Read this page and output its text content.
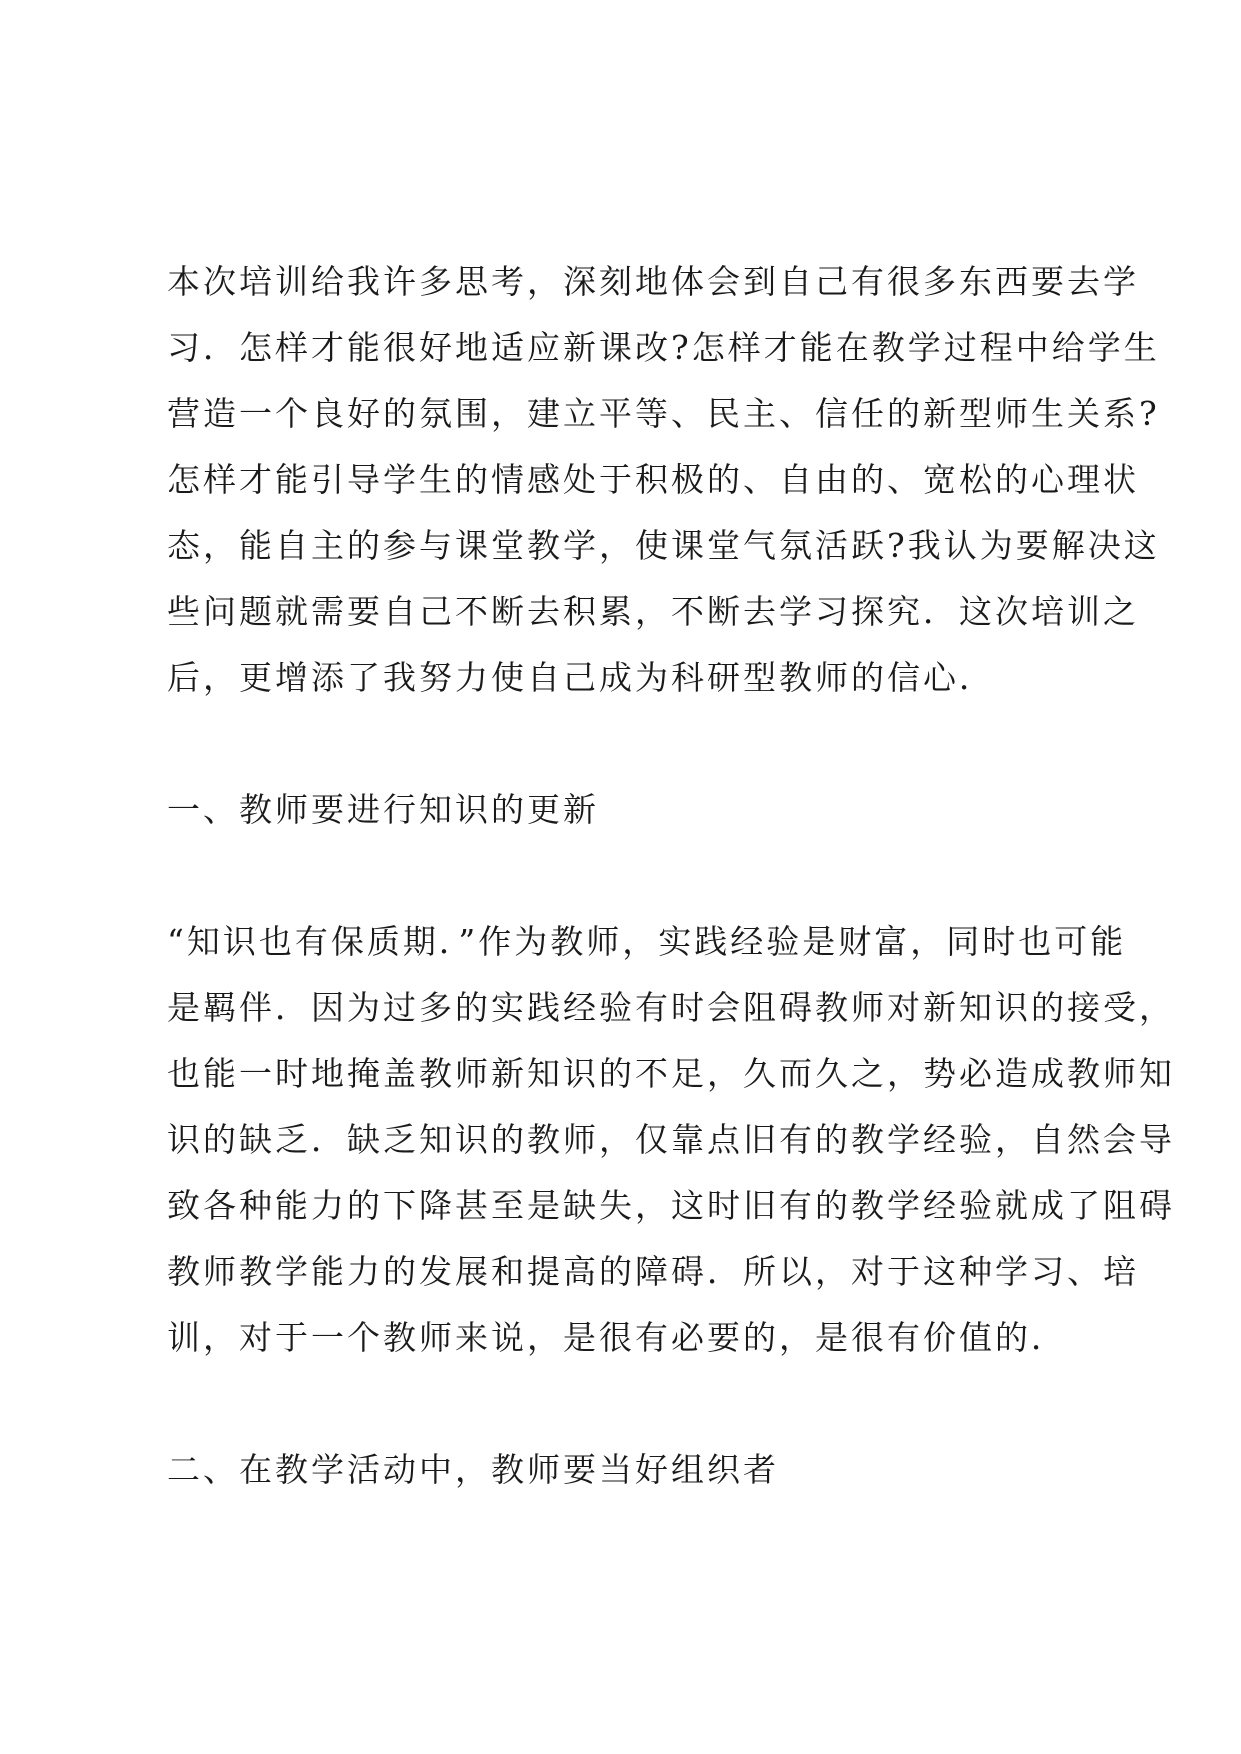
本次培训给我许多思考，深刻地体会到自己有很多东西要去学
习．怎样才能很好地适应新课改?怎样才能在教学过程中给学生
营造一个良好的氛围，建立平等、民主、信任的新型师生关系?
怎样才能引导学生的情感处于积极的、自由的、宽松的心理状
态，能自主的参与课堂教学，使课堂气氛活跃?我认为要解决这
些问题就需要自己不断去积累，不断去学习探究．这次培训之
后，更增添了我努力使自己成为科研型教师的信心．
一、教师要进行知识的更新
“知识也有保质期．”作为教师，实践经验是财富，同时也可能
是羁伴．因为过多的实践经验有时会阻碍教师对新知识的接受，
也能一时地掩盖教师新知识的不足，久而久之，势必造成教师知
识的缺乏．缺乏知识的教师，仅靠点旧有的教学经验，自然会导
致各种能力的下降甚至是缺失，这时旧有的教学经验就成了阻碍
教师教学能力的发展和提高的障碍．所以，对于这种学习、培
训，对于一个教师来说，是很有必要的，是很有价值的．
二、在教学活动中，教师要当好组织者
